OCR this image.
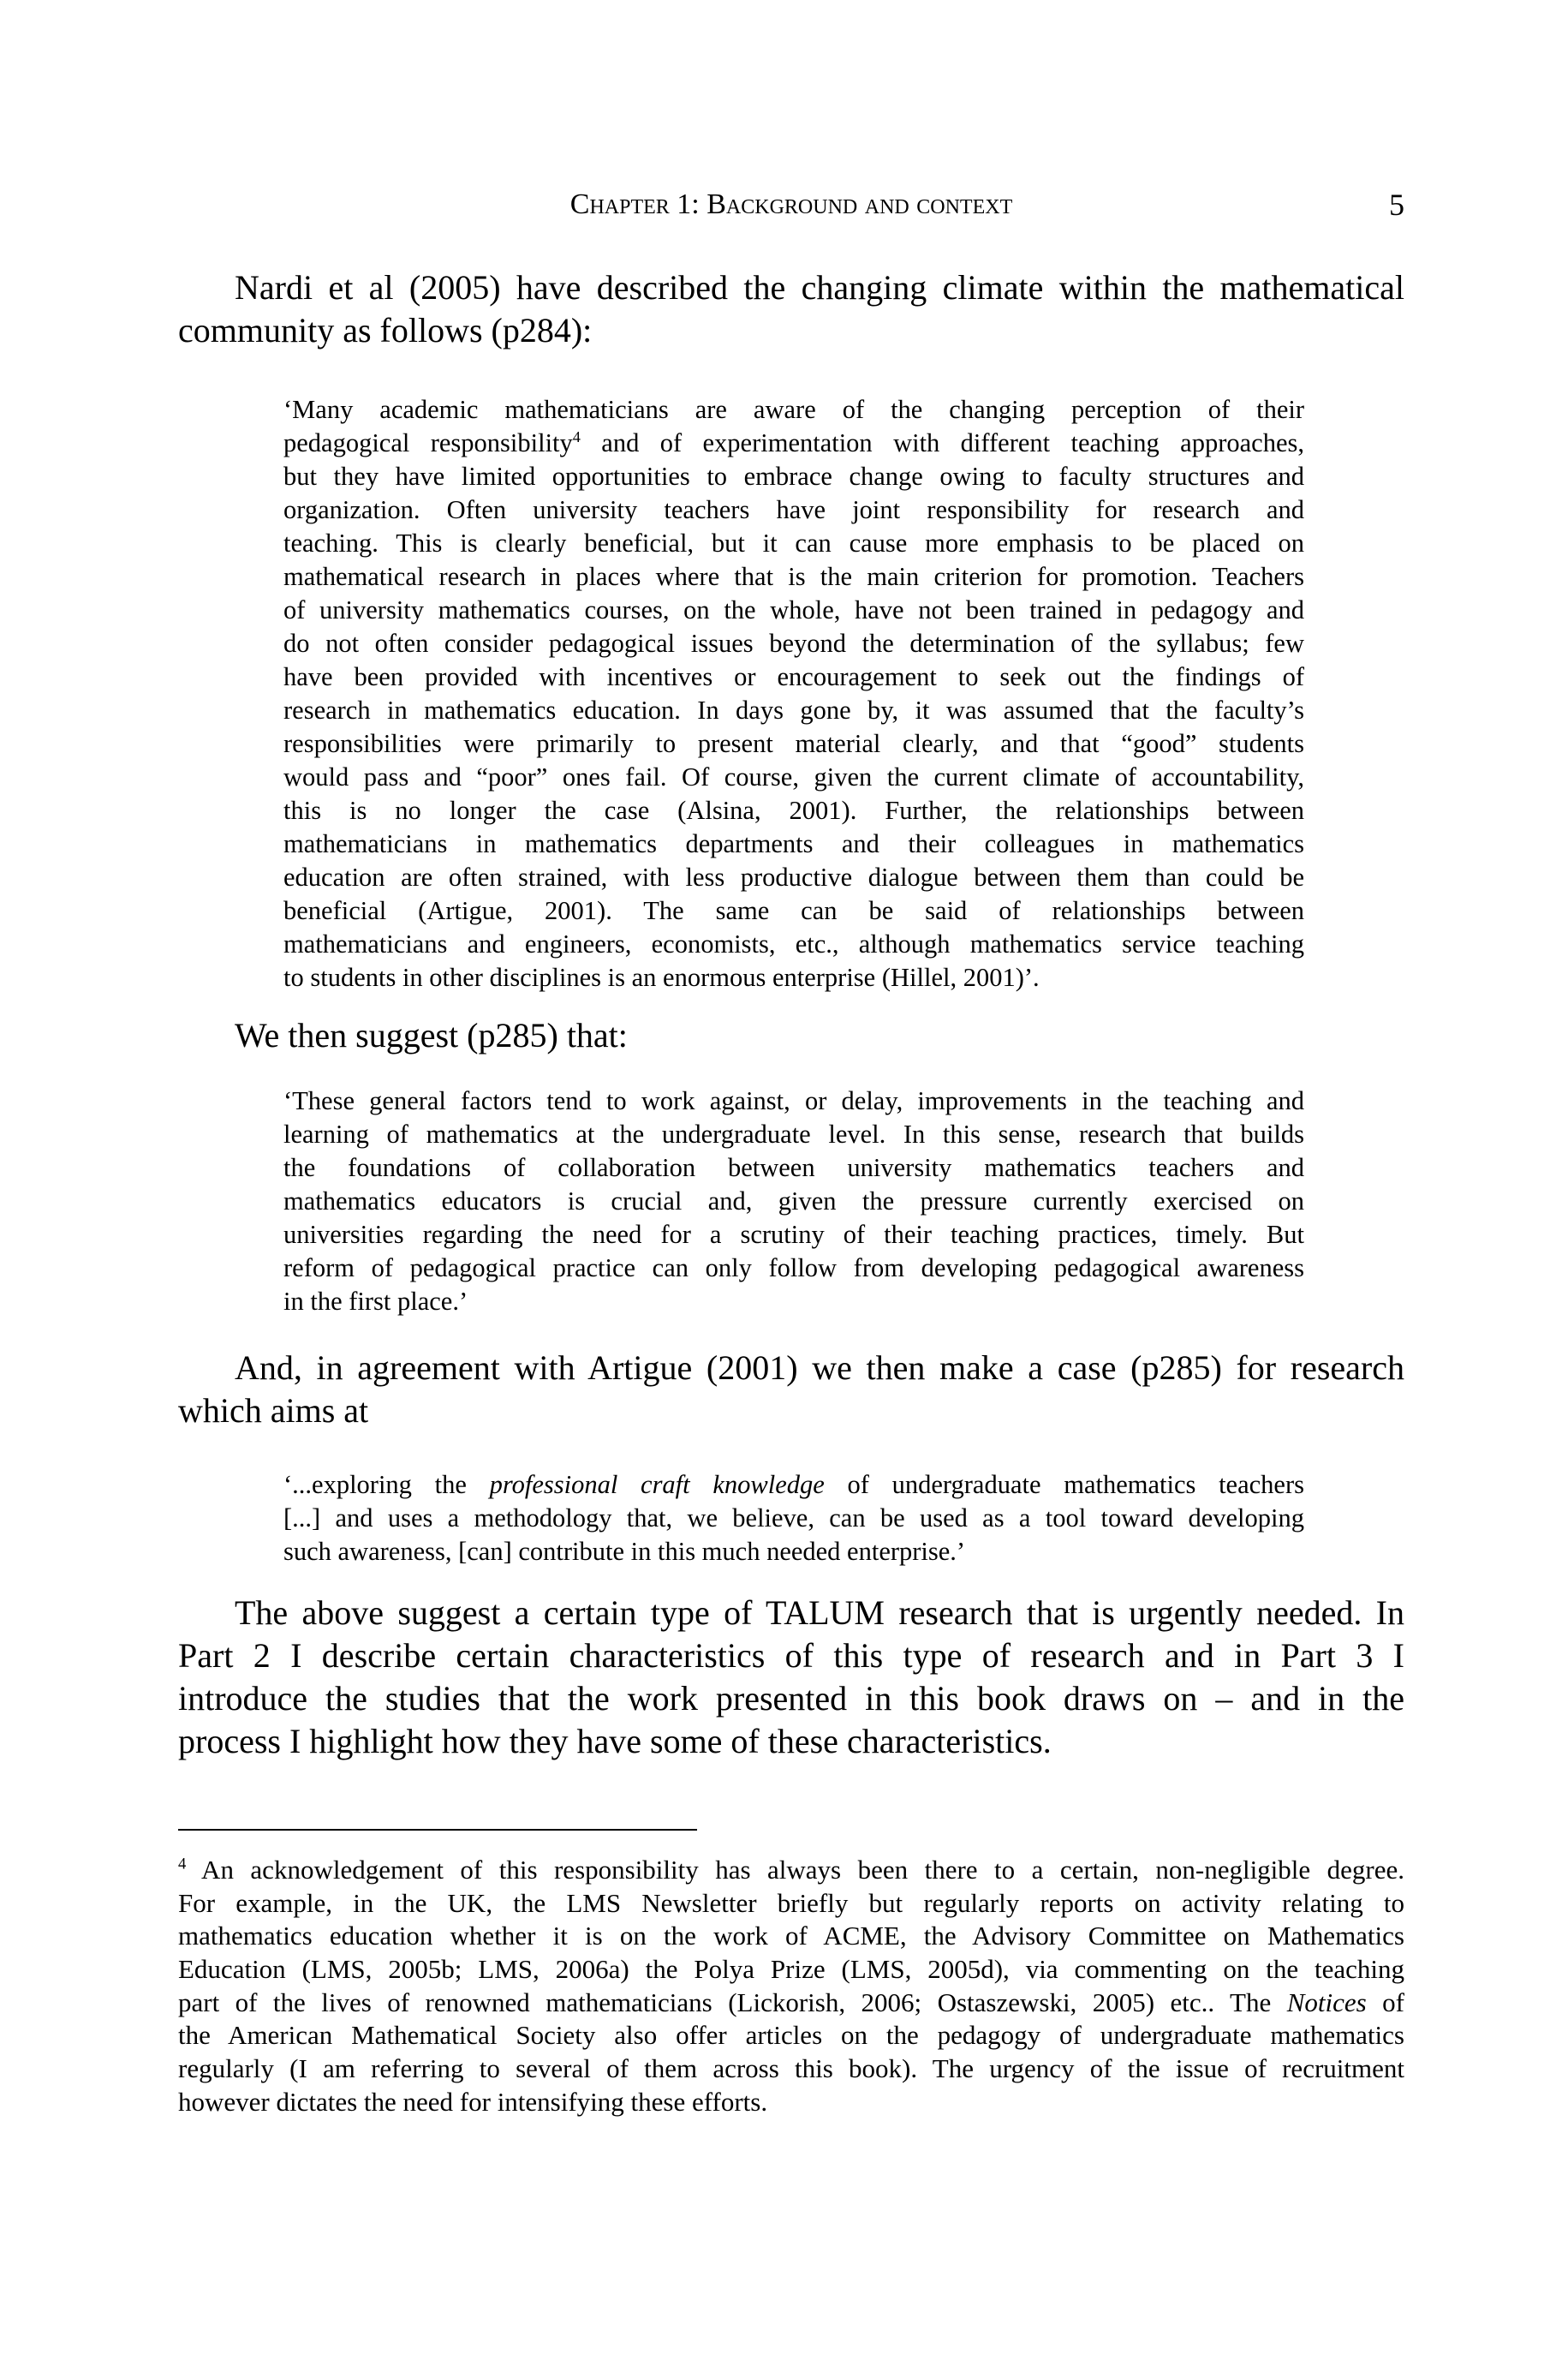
Chapter 1: Background and context	5
Nardi et al (2005) have described the changing climate within the mathematical
community as follows (p284):
‘Many academic mathematicians are aware of the changing perception of their
pedagogical responsibility$^4$ and of experimentation with different teaching approaches,
but they have limited opportunities to embrace change owing to faculty structures and
organization. Often university teachers have joint responsibility for research and
teaching. This is clearly beneficial, but it can cause more emphasis to be placed on
mathematical research in places where that is the main criterion for promotion. Teachers
of university mathematics courses, on the whole, have not been trained in pedagogy and
do not often consider pedagogical issues beyond the determination of the syllabus; few
have been provided with incentives or encouragement to seek out the findings of
research in mathematics education. In days gone by, it was assumed that the faculty’s
responsibilities were primarily to present material clearly, and that “good” students
would pass and “poor” ones fail. Of course, given the current climate of accountability,
this is no longer the case (Alsina, 2001). Further, the relationships between
mathematicians in mathematics departments and their colleagues in mathematics
education are often strained, with less productive dialogue between them than could be
beneficial (Artigue, 2001). The same can be said of relationships between
mathematicians and engineers, economists, etc., although mathematics service teaching
to students in other disciplines is an enormous enterprise (Hillel, 2001)’.
We then suggest (p285) that:
‘These general factors tend to work against, or delay, improvements in the teaching and
learning of mathematics at the undergraduate level. In this sense, research that builds
the foundations of collaboration between university mathematics teachers and
mathematics educators is crucial and, given the pressure currently exercised on
universities regarding the need for a scrutiny of their teaching practices, timely. But
reform of pedagogical practice can only follow from developing pedagogical awareness
in the first place.’
And, in agreement with Artigue (2001) we then make a case (p285) for research
which aims at
‘...exploring the professional craft knowledge of undergraduate mathematics teachers
[...] and uses a methodology that, we believe, can be used as a tool toward developing
such awareness, [can] contribute in this much needed enterprise.’
The above suggest a certain type of TALUM research that is urgently needed. In
Part 2 I describe certain characteristics of this type of research and in Part 3 I
introduce the studies that the work presented in this book draws on – and in the
process I highlight how they have some of these characteristics.
$^4$ An acknowledgement of this responsibility has always been there to a certain, non-negligible degree.
For example, in the UK, the LMS Newsletter briefly but regularly reports on activity relating to
mathematics education whether it is on the work of ACME, the Advisory Committee on Mathematics
Education (LMS, 2005b; LMS, 2006a) the Polya Prize (LMS, 2005d), via commenting on the teaching
part of the lives of renowned mathematicians (Lickorish, 2006; Ostaszewski, 2005) etc.. The Notices of
the American Mathematical Society also offer articles on the pedagogy of undergraduate mathematics
regularly (I am referring to several of them across this book). The urgency of the issue of recruitment
however dictates the need for intensifying these efforts.
